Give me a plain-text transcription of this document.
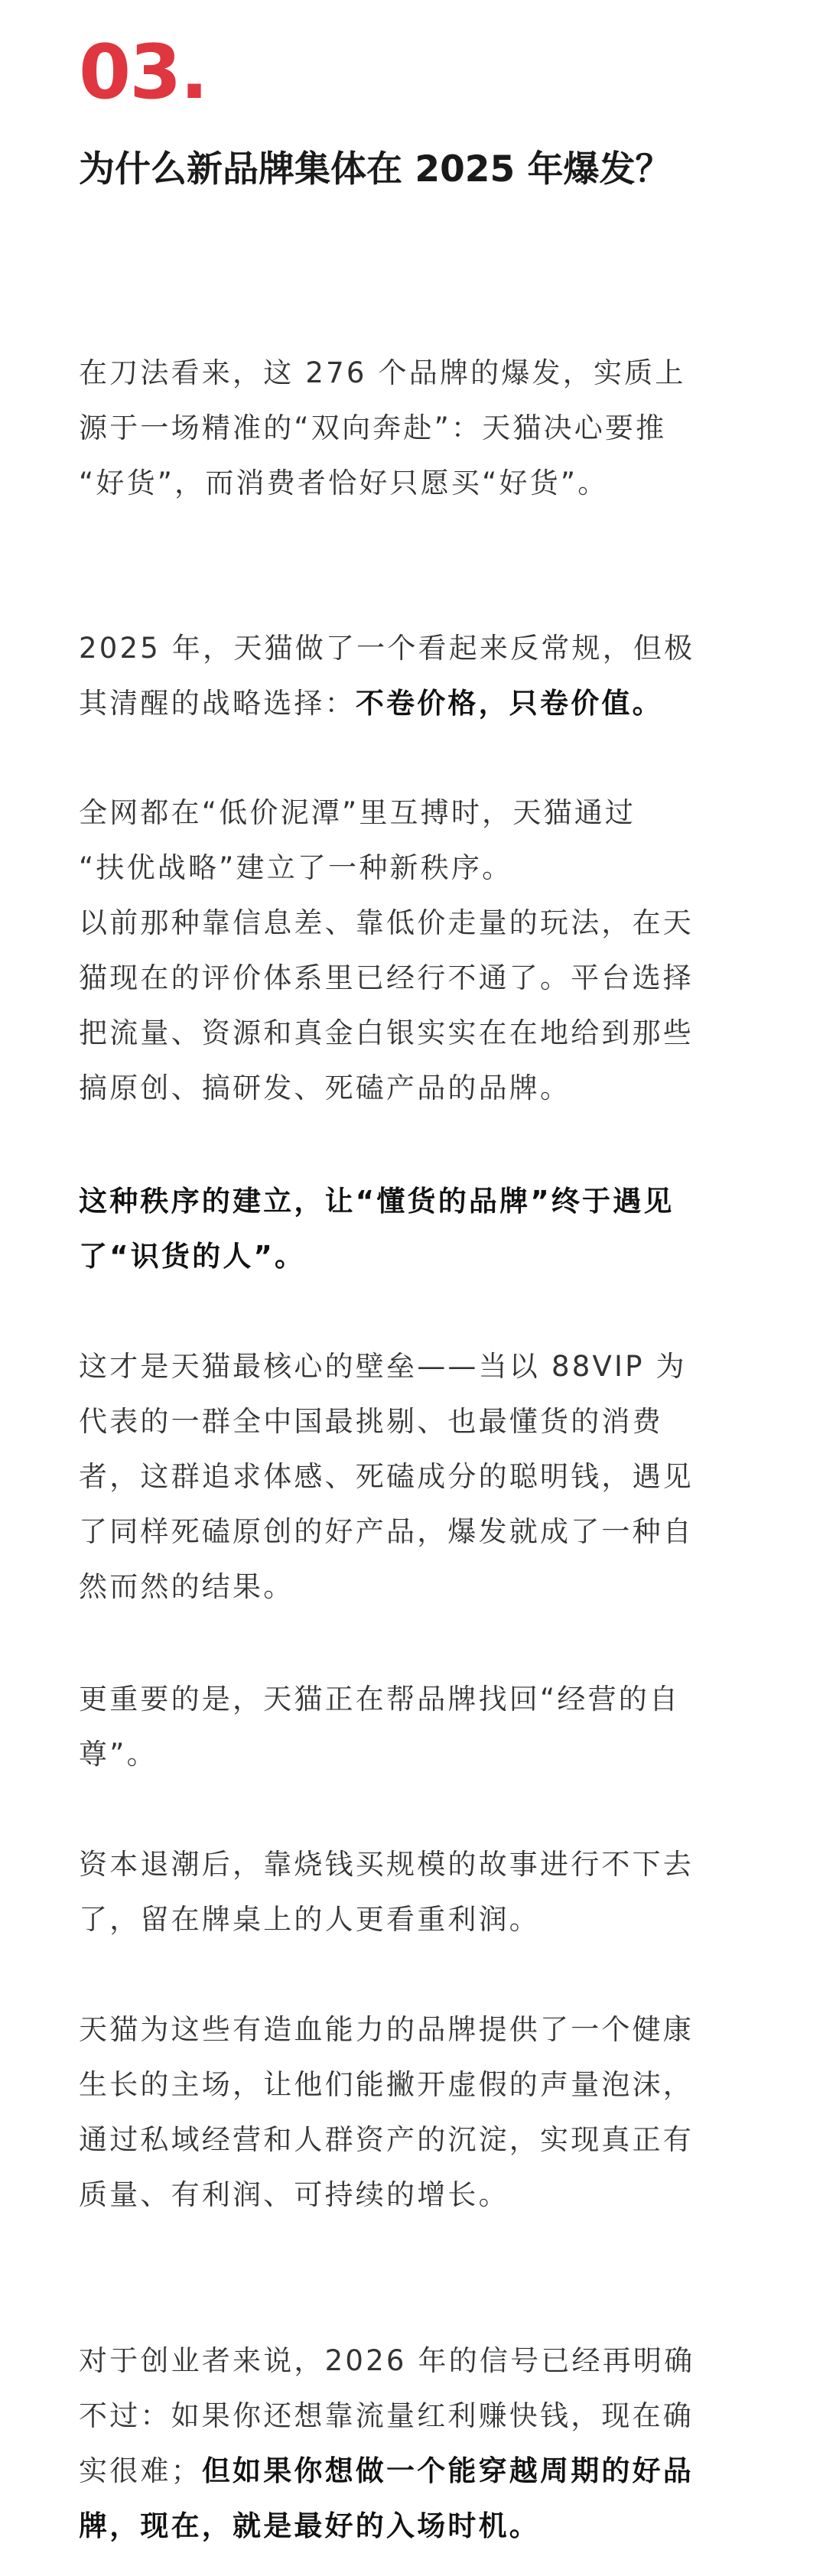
03.
为什么新品牌集体在 2025 年爆发？
在刀法看来，这 276 个品牌的爆发，实质上
源于一场精准的“双向奔赴”：天猫决心要推
“好货”，而消费者恰好只愿买“好货”。
2025 年，天猫做了一个看起来反常规，但极
其清醒的战略选择：不卷价格，只卷价值。
全网都在“低价泥潭”里互搏时，天猫通过
“扶优战略”建立了一种新秩序。
以前那种靠信息差、靠低价走量的玩法，在天
猫现在的评价体系里已经行不通了。平台选择
把流量、资源和真金白银实实在在地给到那些
搞原创、搞研发、死磕产品的品牌。
这种秩序的建立，让“懂货的品牌”终于遇见
了“识货的人”。
这才是天猫最核心的壁垒——当以 88VIP 为
代表的一群全中国最挑剔、也最懂货的消费
者，这群追求体感、死磕成分的聪明钱，遇见
了同样死磕原创的好产品，爆发就成了一种自
然而然的结果。
更重要的是，天猫正在帮品牌找回“经营的自
尊”。
资本退潮后，靠烧钱买规模的故事进行不下去
了，留在牌桌上的人更看重利润。
天猫为这些有造血能力的品牌提供了一个健康
生长的主场，让他们能撇开虚假的声量泡沫，
通过私域经营和人群资产的沉淀，实现真正有
质量、有利润、可持续的增长。
对于创业者来说，2026 年的信号已经再明确
不过：如果你还想靠流量红利赚快钱，现在确
实很难；但如果你想做一个能穿越周期的好品
牌，现在，就是最好的入场时机。
